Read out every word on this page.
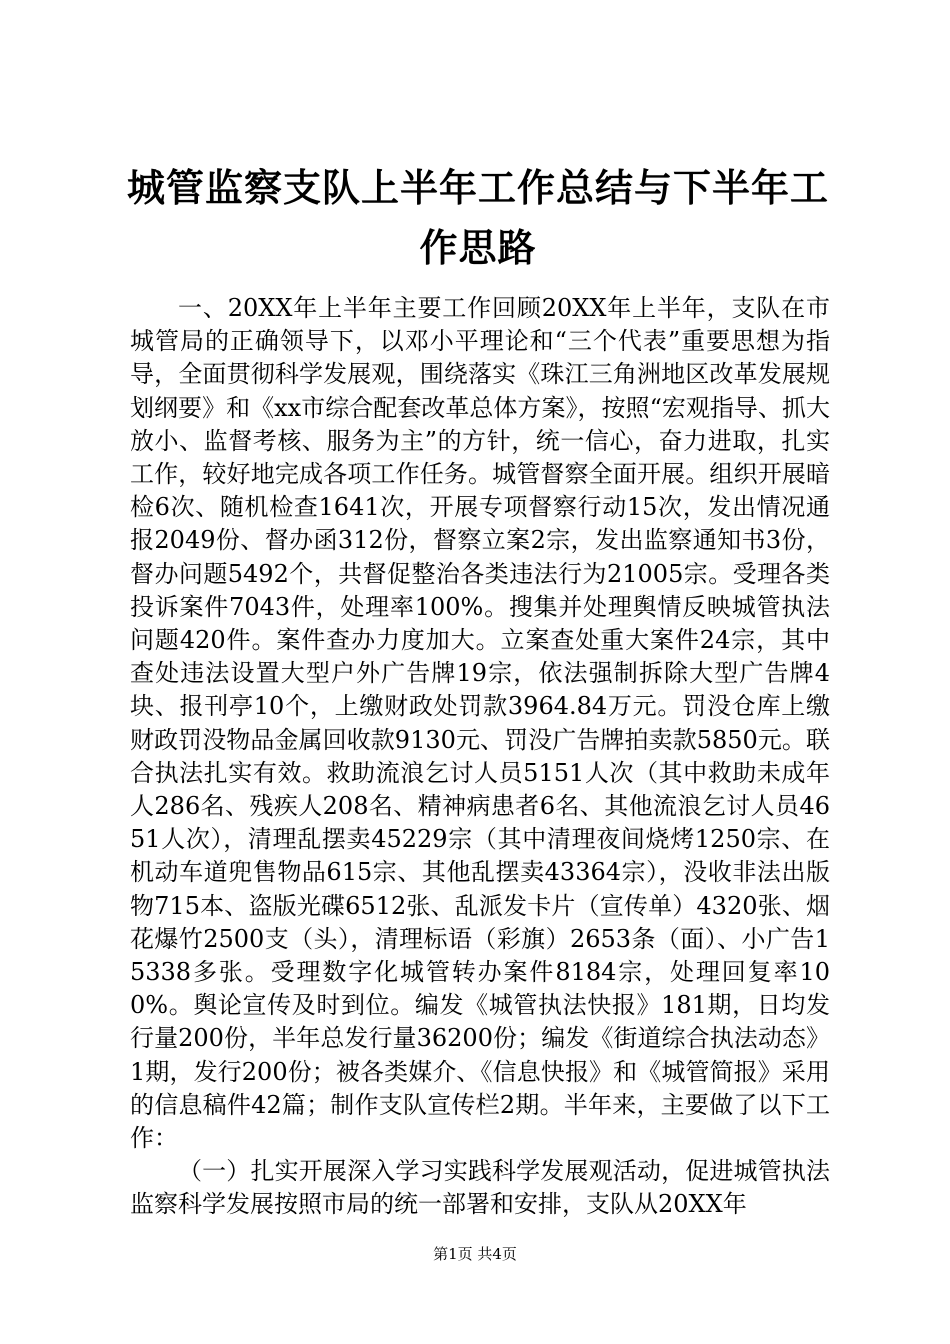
城管监察支队上半年工作总结与下半年工作思路

一、20XX年上半年主要工作回顾20XX年上半年，支队在市城管局的正确领导下，以邓小平理论和“三个代表”重要思想为指导，全面贯彻科学发展观，围绕落实《珠江三角洲地区改革发展规划纲要》和《xx市综合配套改革总体方案》，按照“宏观指导、抓大放小、监督考核、服务为主”的方针，统一信心，奋力进取，扎实工作，较好地完成各项工作任务。城管督察全面开展。组织开展暗检6次、随机检查1641次，开展专项督察行动15次，发出情况通报2049份、督办函312份，督察立案2宗，发出监察通知书3份，督办问题5492个，共督促整治各类违法行为21005宗。受理各类投诉案件7043件，处理率100%。搜集并处理舆情反映城管执法问题420件。案件查办力度加大。立案查处重大案件24宗，其中查处违法设置大型户外广告牌19宗，依法强制拆除大型广告牌4块、报刊亭10个，上缴财政处罚款3964.84万元。罚没仓库上缴财政罚没物品金属回收款9130元、罚没广告牌拍卖款5850元。联合执法扎实有效。救助流浪乞讨人员5151人次（其中救助未成年人286名、残疾人208名、精神病患者6名、其他流浪乞讨人员4651人次），清理乱摆卖45229宗（其中清理夜间烧烤1250宗、在机动车道兜售物品615宗、其他乱摆卖43364宗），没收非法出版物715本、盗版光碟6512张、乱派发卡片（宣传单）4320张、烟花爆竹2500支（头），清理标语（彩旗）2653条（面）、小广告15338多张。受理数字化城管转办案件8184宗，处理回复率100%。舆论宣传及时到位。编发《城管执法快报》181期，日均发行量200份，半年总发行量36200份；编发《街道综合执法动态》1期，发行200份；被各类媒介、《信息快报》和《城管简报》采用的信息稿件42篇；制作支队宣传栏2期。半年来，主要做了以下工作：

（一）扎实开展深入学习实践科学发展观活动，促进城管执法监察科学发展按照市局的统一部署和安排，支队从20XX年

第1页 共4页
